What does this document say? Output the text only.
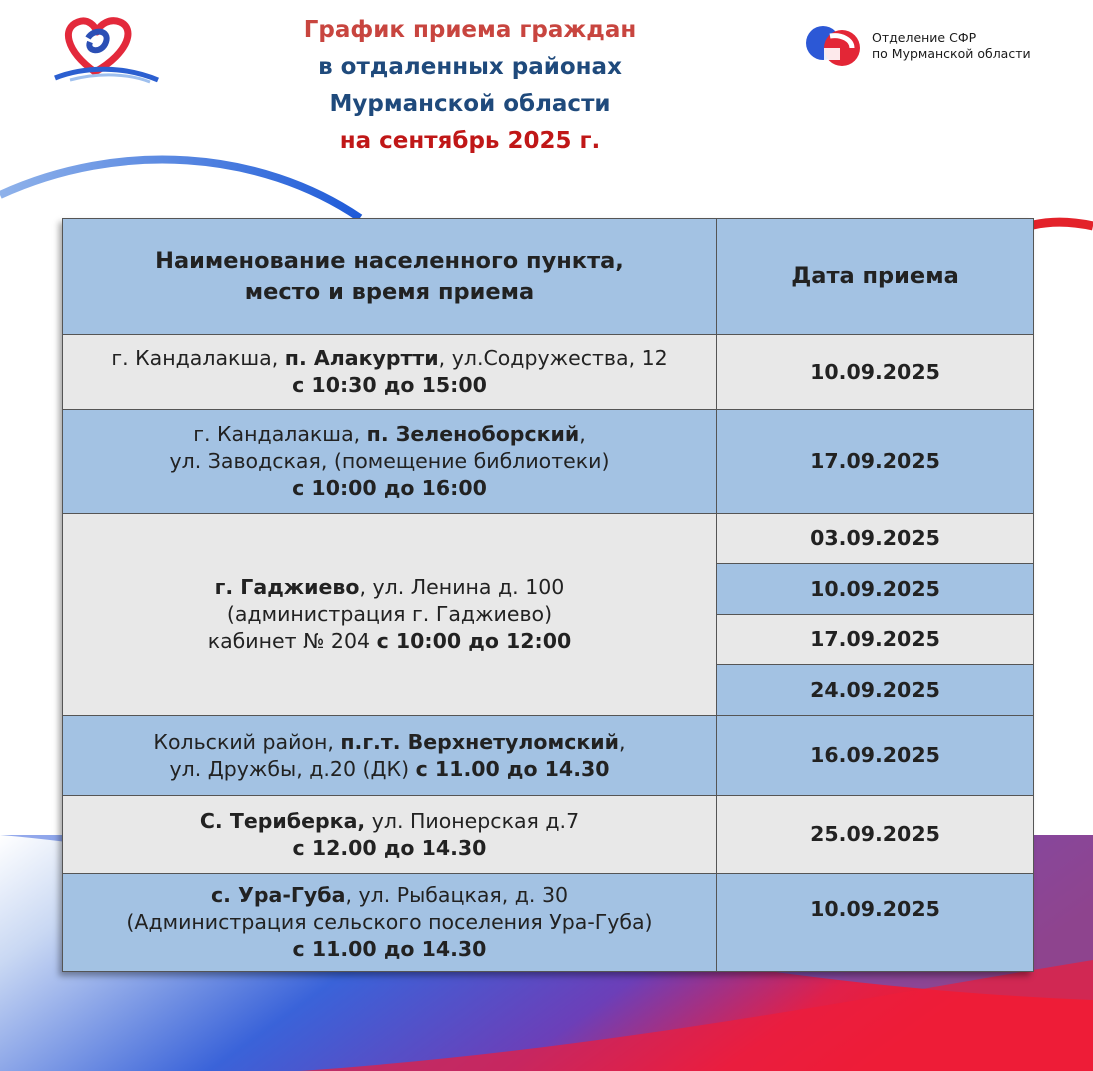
График приема граждан
в отдаленных районах
Мурманской области
на сентябрь 2025 г.
Отделение СФР
по Мурманской области
Наименование населенного пункта,
место и время приема	Дата приема

г. Кандалакша, п. Алакуртти, ул.Содружества, 12
с 10:30 до 15:00	10.09.2025

г. Кандалакша, п. Зеленоборский,
ул. Заводская, (помещение библиотеки)
с 10:00 до 16:00	17.09.2025

г. Гаджиево, ул. Ленина д. 100
(администрация г. Гаджиево)
кабинет № 204 с 10:00 до 12:00	03.09.2025
	10.09.2025
	17.09.2025
	24.09.2025

Кольский район, п.г.т. Верхнетуломский,
ул. Дружбы, д.20 (ДК) с 11.00 до 14.30	16.09.2025

С. Териберка, ул. Пионерская д.7
с 12.00 до 14.30	25.09.2025

с. Ура-Губа, ул. Рыбацкая, д. 30
(Администрация сельского поселения Ура-Губа)
с 11.00 до 14.30	10.09.2025
